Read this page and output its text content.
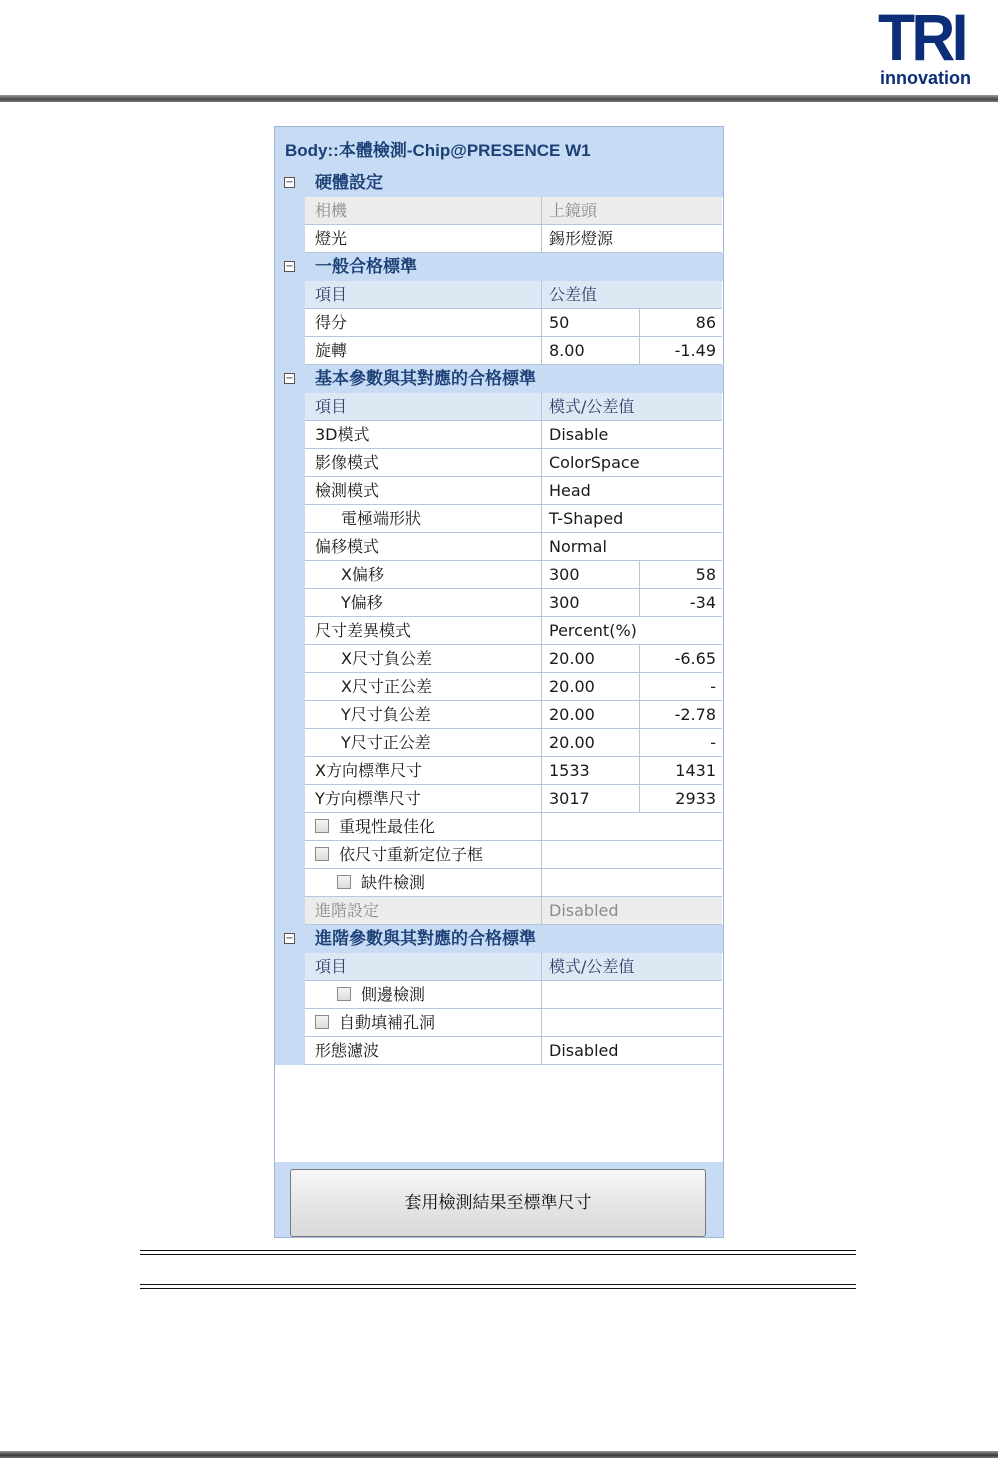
TRI
innovation
Body::本體檢測-Chip@PRESENCE W1
套用檢測結果至標準尺寸
− 硬體設定
相機	上鏡頭
燈光	錫形燈源
− 一般合格標準
項目	公差值
得分	50	86
旋轉	8.00	-1.49
− 基本參數與其對應的合格標準
項目	模式/公差值
3D模式	Disable
影像模式	ColorSpace
檢測模式	Head
電極端形狀	T-Shaped
偏移模式	Normal
X偏移	300	58
Y偏移	300	-34
尺寸差異模式	Percent(%)
X尺寸負公差	20.00	-6.65
X尺寸正公差	20.00	-
Y尺寸負公差	20.00	-2.78
Y尺寸正公差	20.00	-
X方向標準尺寸	1533	1431
Y方向標準尺寸	3017	2933
重現性最佳化
依尺寸重新定位子框
缺件檢測
進階設定	Disabled
− 進階參數與其對應的合格標準
項目	模式/公差值
側邊檢測
自動填補孔洞
形態濾波	Disabled
